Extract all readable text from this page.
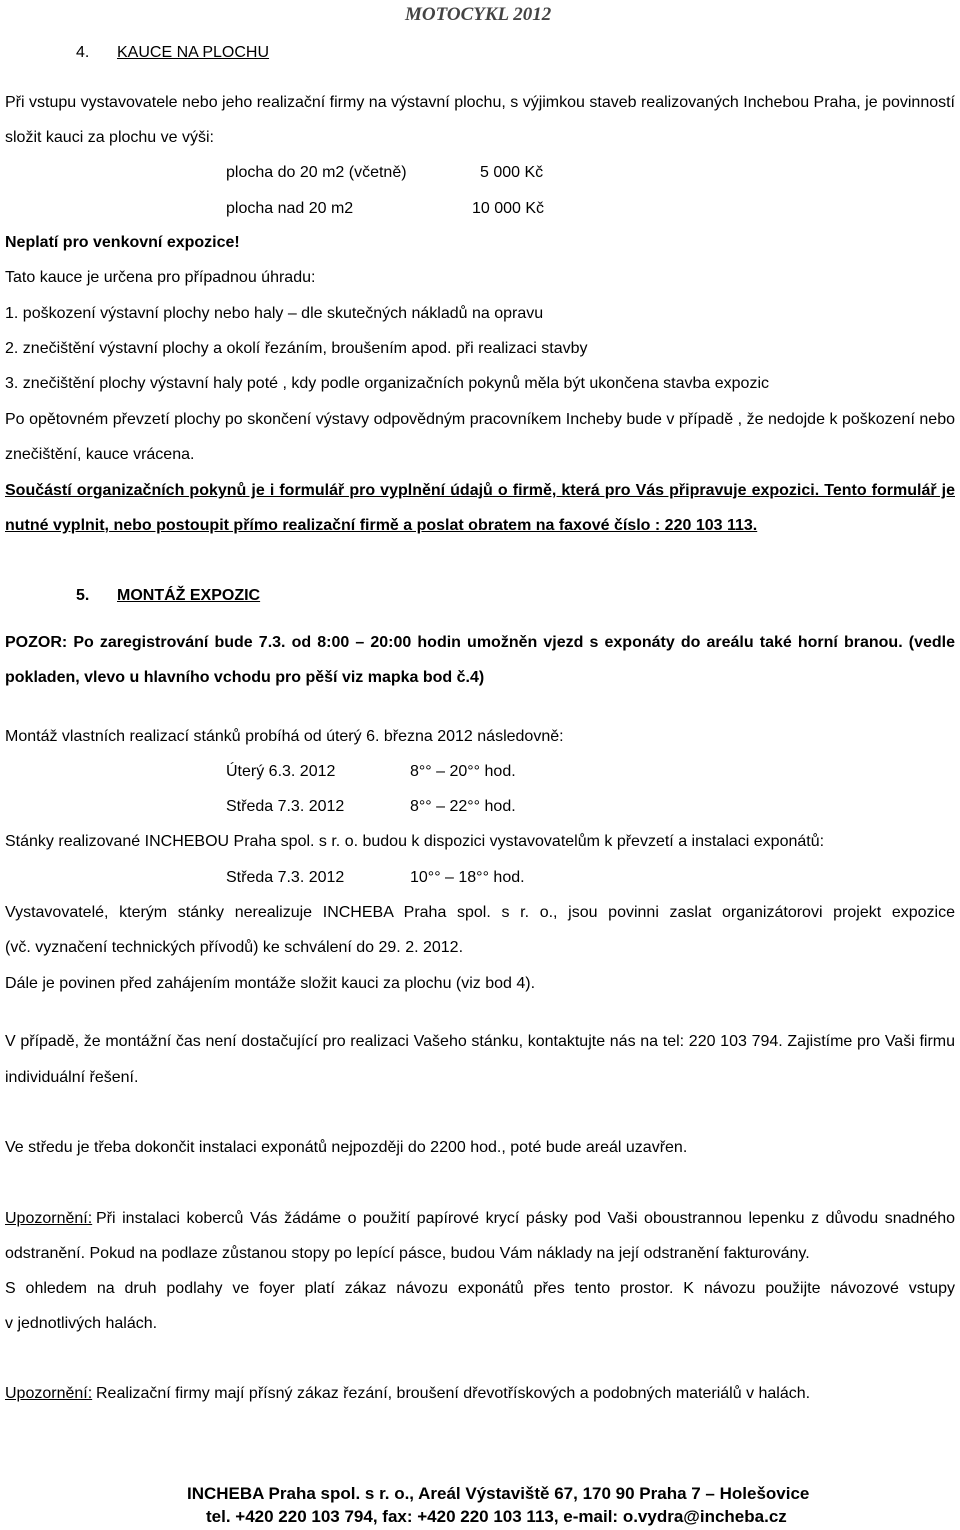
MOTOCYKL 2012
4. KAUCE NA PLOCHU
Při vstupu vystavovatele nebo jeho realizační firmy na výstavní plochu, s výjimkou staveb realizovaných Inchebou Praha, je povinností
složit kauci za plochu ve výši:
plocha do 20 m2 (včetně)	5 000 Kč
plocha nad 20 m2	10 000 Kč
Neplatí pro venkovní expozice!
Tato kauce je určena pro případnou úhradu:
1. poškození výstavní plochy nebo haly – dle skutečných nákladů na opravu
2. znečištění výstavní plochy a okolí řezáním, broušením apod. při realizaci stavby
3. znečištění plochy výstavní haly poté , kdy podle organizačních pokynů měla být ukončena stavba expozic
Po opětovném převzetí plochy po skončení výstavy odpovědným pracovníkem Incheby bude v případě , že nedojde k poškození nebo
znečištění, kauce vrácena.
Součástí organizačních pokynů je i formulář pro vyplnění údajů o firmě, která pro Vás připravuje expozici. Tento formulář je
nutné vyplnit, nebo postoupit přímo realizační firmě a poslat obratem na faxové číslo : 220 103 113.
5. MONTÁŽ EXPOZIC
POZOR: Po zaregistrování bude 7.3. od 8:00 – 20:00 hodin umožněn vjezd s exponáty do areálu také horní branou. (vedle
pokladen, vlevo u hlavního vchodu pro pěší viz mapka bod č.4)
Montáž vlastních realizací stánků probíhá od úterý 6. března 2012 následovně:
Úterý 6.3. 2012	8°° – 20°° hod.
Středa 7.3. 2012	8°° – 22°° hod.
Stánky realizované INCHEBOU Praha spol. s r. o. budou k dispozici vystavovatelům k převzetí a instalaci exponátů:
Středa 7.3. 2012	10°° – 18°° hod.
Vystavovatelé, kterým stánky nerealizuje INCHEBA Praha spol. s r. o., jsou povinni zaslat organizátorovi projekt expozice
(vč. vyznačení technických přívodů) ke schválení do 29. 2. 2012.
Dále je povinen před zahájením montáže složit kauci za plochu (viz bod 4).
V případě, že montážní čas není dostačující pro realizaci Vašeho stánku, kontaktujte nás na tel: 220 103 794. Zajistíme pro Vaši firmu
individuální řešení.
Ve středu je třeba dokončit instalaci exponátů nejpozději do 2200 hod., poté bude areál uzavřen.
Upozornění: Při instalaci koberců Vás žádáme o použití papírové krycí pásky pod Vaši oboustrannou lepenku z důvodu snadného
odstranění. Pokud na podlaze zůstanou stopy po lepící pásce, budou Vám náklady na její odstranění fakturovány.
S ohledem na druh podlahy ve foyer platí zákaz návozu exponátů přes tento prostor. K návozu použijte návozové vstupy
v jednotlivých halách.
Upozornění: Realizační firmy mají přísný zákaz řezání, broušení dřevotřískových a podobných materiálů v halách.
INCHEBA Praha spol. s r. o., Areál Výstaviště 67, 170 90 Praha 7 – Holešovice
tel. +420 220 103 794, fax: +420 220 103 113, e-mail: o.vydra@incheba.cz
